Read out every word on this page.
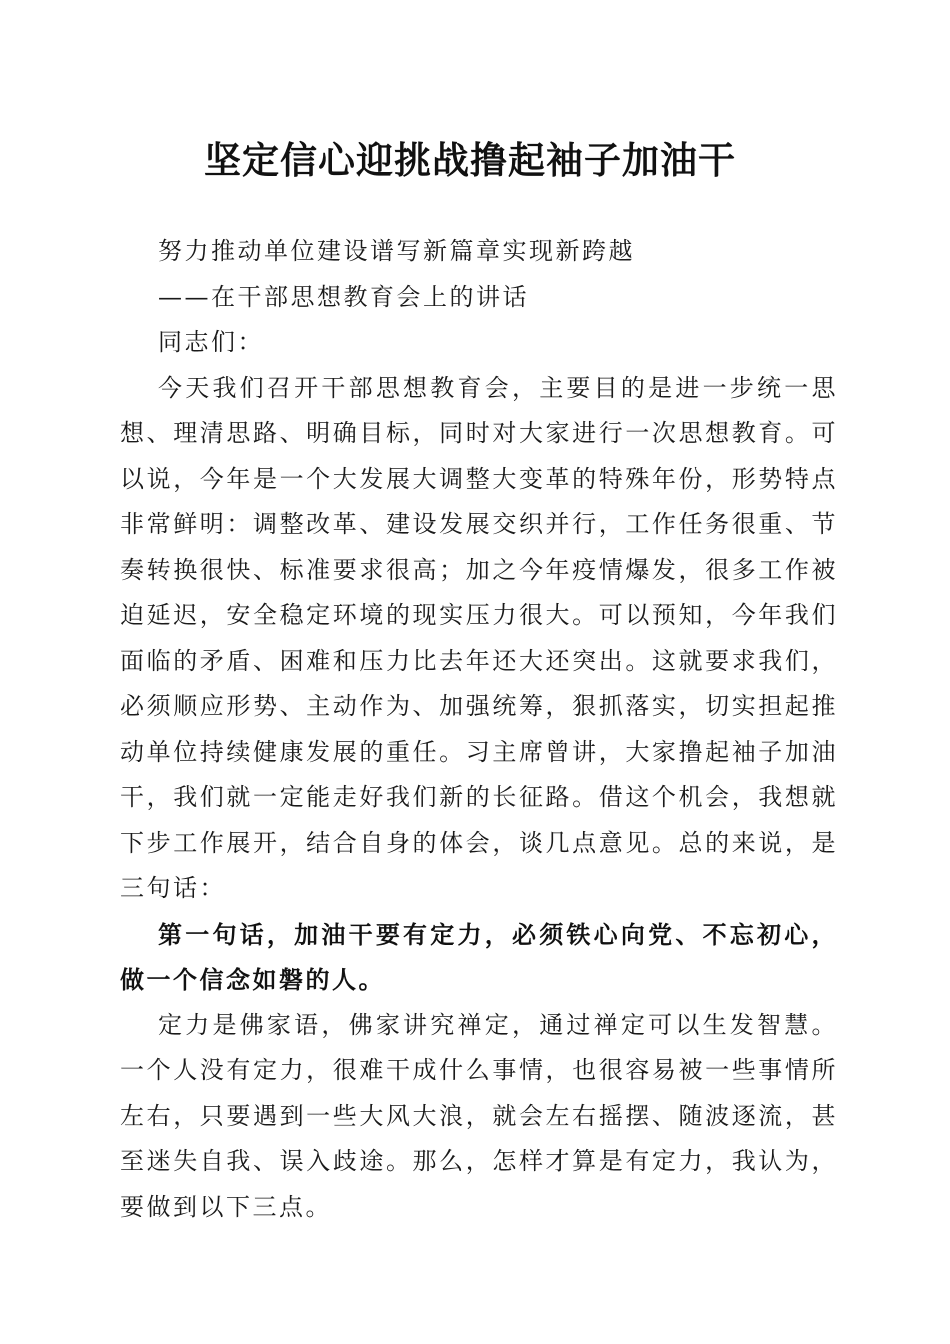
坚定信心迎挑战撸起袖子加油干

努力推动单位建设谱写新篇章实现新跨越

——在干部思想教育会上的讲话

同志们：

今天我们召开干部思想教育会，主要目的是进一步统一思想、理清思路、明确目标，同时对大家进行一次思想教育。可以说，今年是一个大发展大调整大变革的特殊年份，形势特点非常鲜明：调整改革、建设发展交织并行，工作任务很重、节奏转换很快、标准要求很高；加之今年疫情爆发，很多工作被迫延迟，安全稳定环境的现实压力很大。可以预知，今年我们面临的矛盾、困难和压力比去年还大还突出。这就要求我们，必须顺应形势、主动作为、加强统筹，狠抓落实，切实担起推动单位持续健康发展的重任。习主席曾讲，大家撸起袖子加油干，我们就一定能走好我们新的长征路。借这个机会，我想就下步工作展开，结合自身的体会，谈几点意见。总的来说，是三句话：

第一句话，加油干要有定力，必须铁心向党、不忘初心，做一个信念如磐的人。

定力是佛家语，佛家讲究禅定，通过禅定可以生发智慧。一个人没有定力，很难干成什么事情，也很容易被一些事情所左右，只要遇到一些大风大浪，就会左右摇摆、随波逐流，甚至迷失自我、误入歧途。那么，怎样才算是有定力，我认为，要做到以下三点。
